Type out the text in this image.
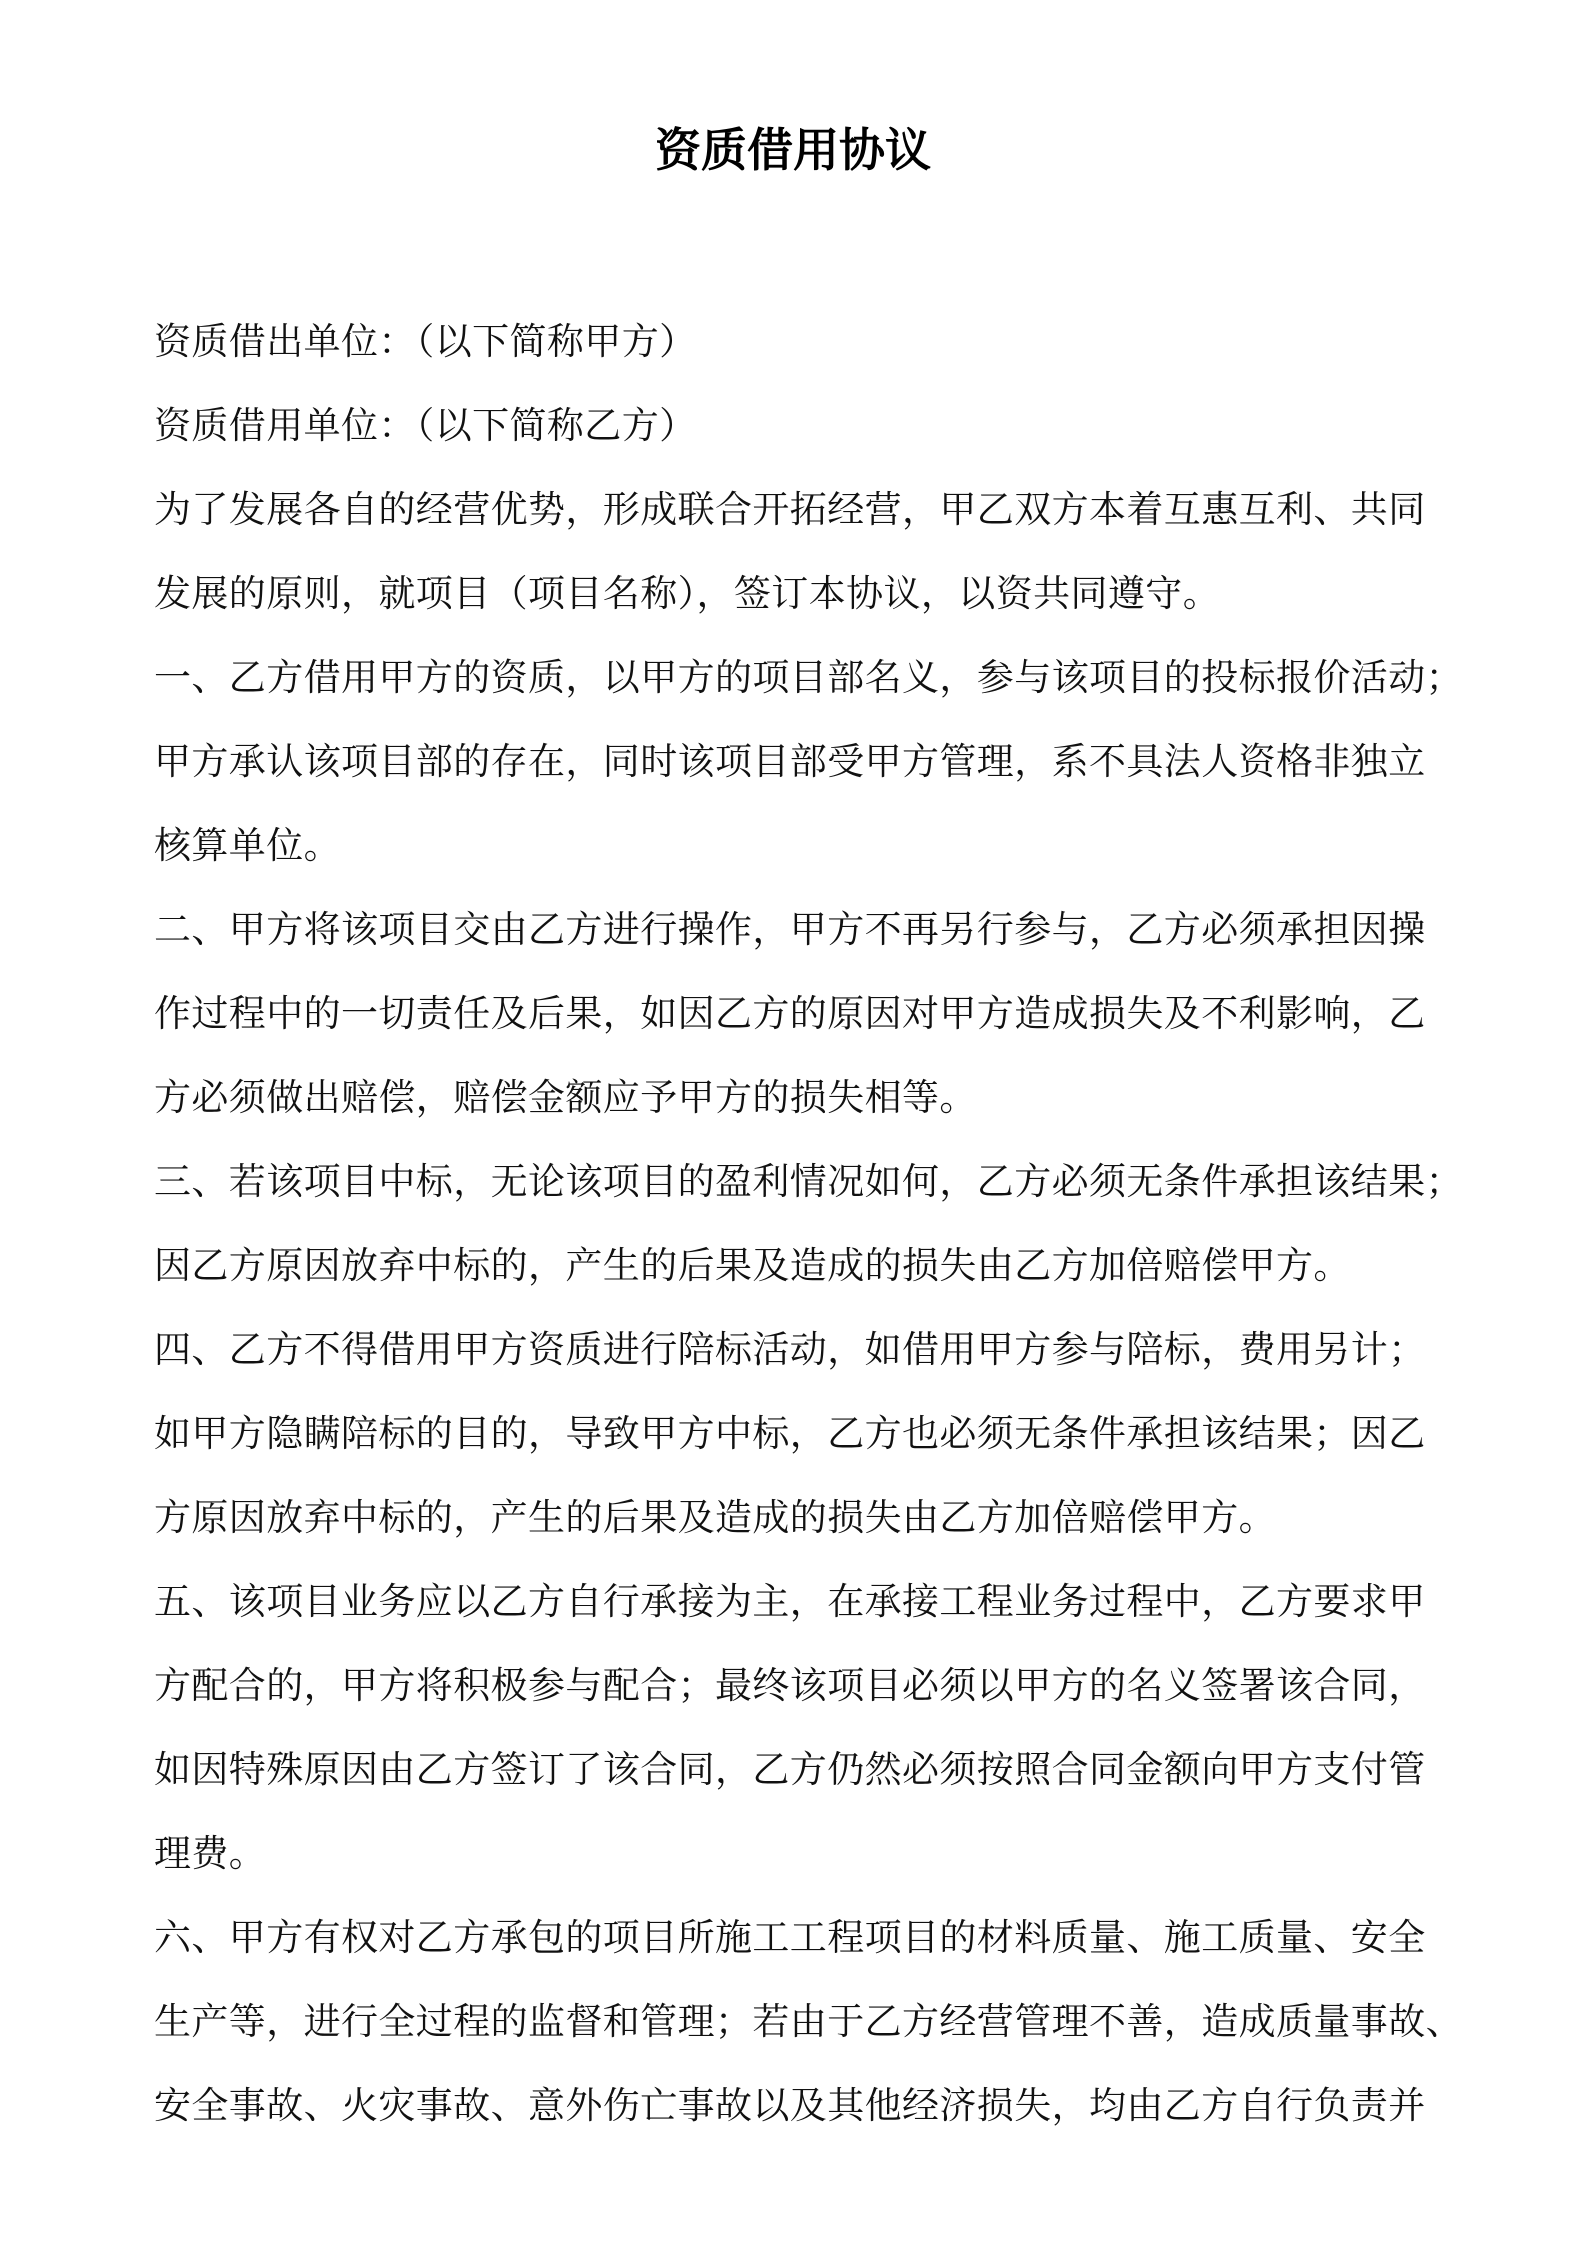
资质借用协议

资质借出单位：（以下简称甲方）

资质借用单位：（以下简称乙方）

为了发展各自的经营优势，形成联合开拓经营，甲乙双方本着互惠互利、共同

发展的原则，就项目（项目名称），签订本协议，以资共同遵守。

一、乙方借用甲方的资质，以甲方的项目部名义，参与该项目的投标报价活动；

甲方承认该项目部的存在，同时该项目部受甲方管理，系不具法人资格非独立

核算单位。

二、甲方将该项目交由乙方进行操作，甲方不再另行参与，乙方必须承担因操

作过程中的一切责任及后果，如因乙方的原因对甲方造成损失及不利影响，乙

方必须做出赔偿，赔偿金额应予甲方的损失相等。

三、若该项目中标，无论该项目的盈利情况如何，乙方必须无条件承担该结果；

因乙方原因放弃中标的，产生的后果及造成的损失由乙方加倍赔偿甲方。

四、乙方不得借用甲方资质进行陪标活动，如借用甲方参与陪标，费用另计；

如甲方隐瞒陪标的目的，导致甲方中标，乙方也必须无条件承担该结果；因乙

方原因放弃中标的，产生的后果及造成的损失由乙方加倍赔偿甲方。

五、该项目业务应以乙方自行承接为主，在承接工程业务过程中，乙方要求甲

方配合的，甲方将积极参与配合；最终该项目必须以甲方的名义签署该合同，

如因特殊原因由乙方签订了该合同，乙方仍然必须按照合同金额向甲方支付管

理费。

六、甲方有权对乙方承包的项目所施工工程项目的材料质量、施工质量、安全

生产等，进行全过程的监督和管理；若由于乙方经营管理不善，造成质量事故、

安全事故、火灾事故、意外伤亡事故以及其他经济损失，均由乙方自行负责并
